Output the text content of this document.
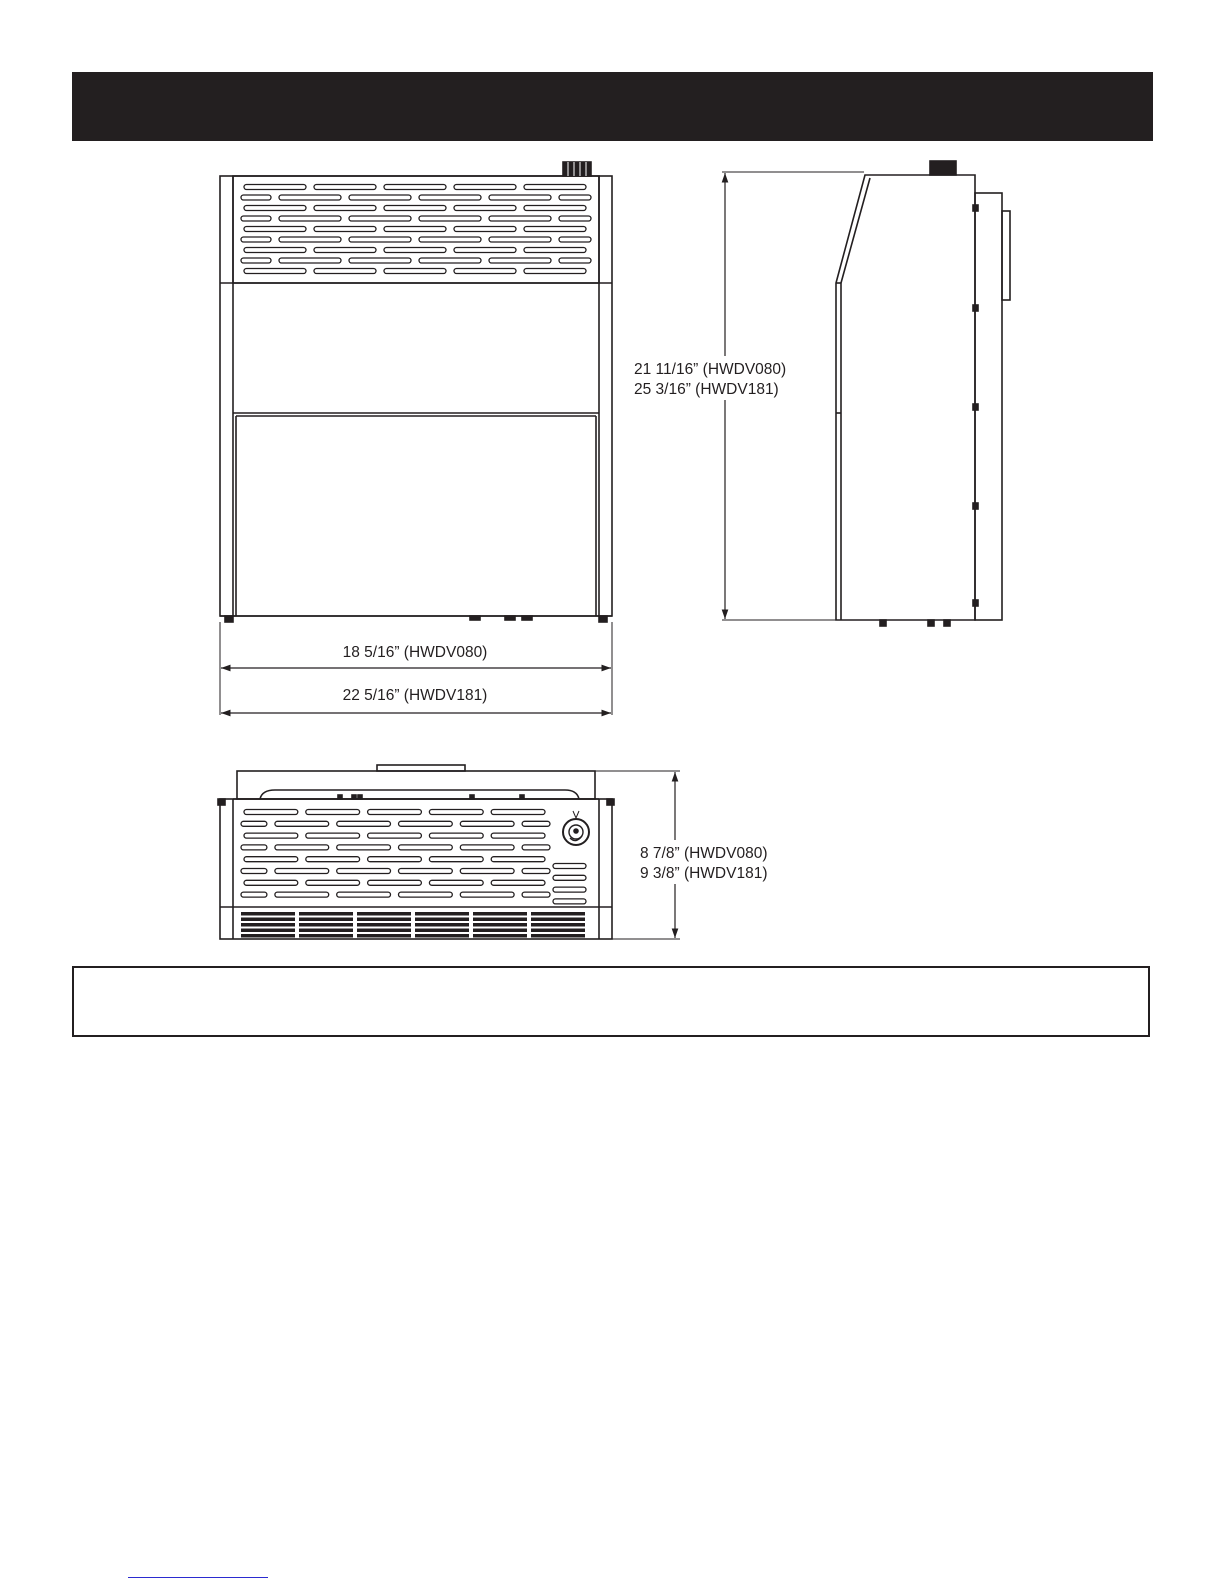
18 5/16” (HWDV080)
22 5/16” (HWDV181)
21 11/16” (HWDV080)
25 3/16” (HWDV181)
8 7/8” (HWDV080)
9 3/8” (HWDV181)
